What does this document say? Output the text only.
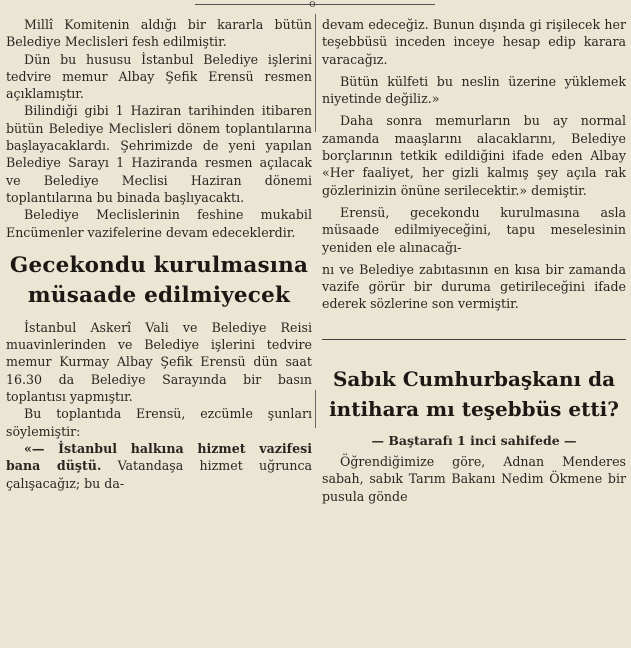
o

Millî Komitenin aldığı bir kararla bütün Belediye Meclisleri fesh edilmiştir.

Dün bu hususu İstanbul Belediye işlerini tedvire memur Albay Şefik Erensü resmen açıklamıştır.

Bilindiği gibi 1 Haziran tarihinden itibaren bütün Belediye Meclisleri dönem toplantılarına başlayacaklardı. Şehrimizde de yeni yapılan Belediye Sarayı 1 Haziranda resmen açılacak ve Belediye Meclisi Haziran dönemi toplantılarına bu binada başlıyacaktı.

Belediye Meclislerinin feshine mukabil Encümenler vazifelerine devam edeceklerdir.

Gecekondu kurulmasına müsaade edilmiyecek

İstanbul Askerî Vali ve Belediye Reisi muavinlerinden ve Belediye işlerini tedvire memur Kurmay Albay Şefik Erensü dün saat 16.30 da Belediye Sarayında bir basın toplantısı yapmıştır.

Bu toplantıda Erensü, ezcümle şunları söylemiştir:

«— İstanbul halkına hizmet vazifesi bana düştü. Vatandaşa hizmet uğrunca çalışacağız; bu da-

devam edeceğiz. Bunun dışında gi rişilecek her teşebbüsü inceden inceye hesap edip karara varacağız.

Bütün külfeti bu neslin üzerine yüklemek niyetinde değiliz.»

Daha sonra memurların bu ay normal zamanda maaşlarını alacaklarını, Belediye borçlarının tetkik edildiğini ifade eden Albay «Her faaliyet, her gizli kalmış şey açıla rak gözlerinizin önüne serilecektir.» demiştir.

Erensü, gecekondu kurulmasına asla müsaade edilmiyeceğini, tapu meselesinin yeniden ele alınacağı-

nı ve Belediye zabıtasının en kısa bir zamanda vazife görür bir duruma getirileceğini ifade ederek sözlerine son vermiştir.

Sabık Cumhurbaşkanı da intihara mı teşebbüs etti?
— Baştarafı 1 inci sahifede —

Öğrendiğimize göre, Adnan Menderes sabah, sabık Tarım Bakanı Nedim Ökmene bir pusula gönde
